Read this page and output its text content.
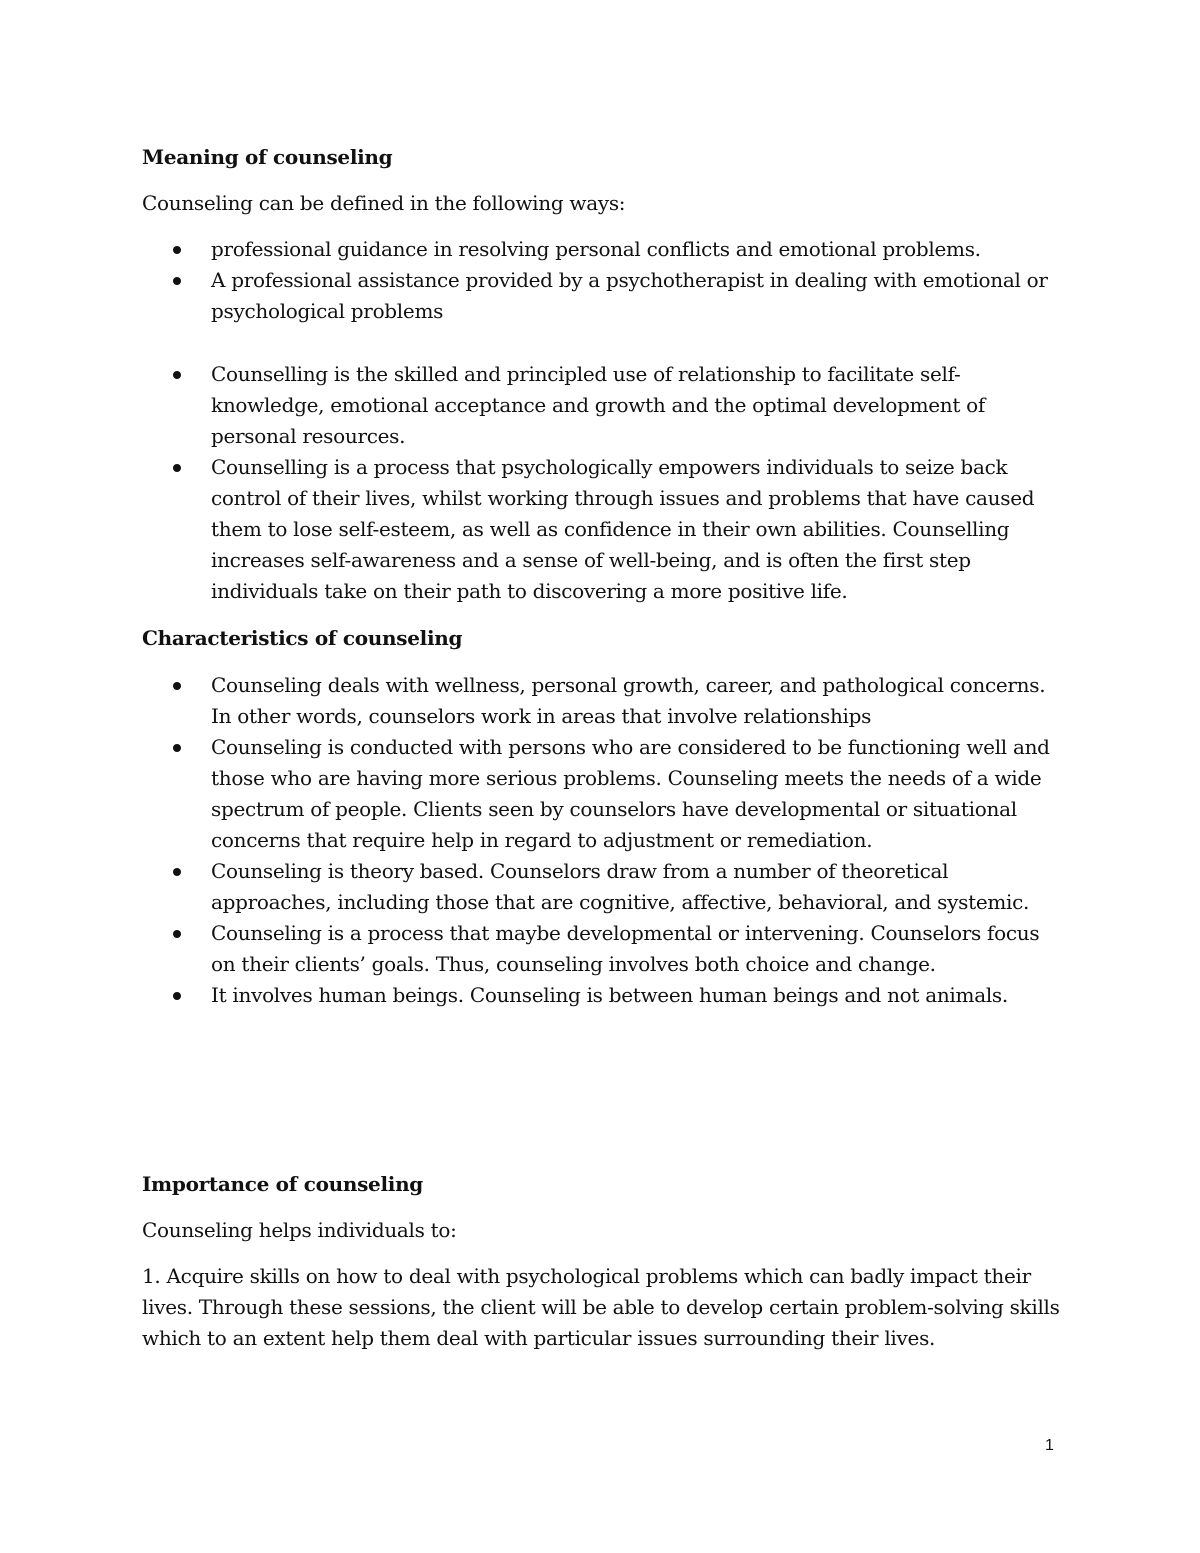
Meaning of counseling

Counseling can be defined in the following ways:

professional guidance in resolving personal conflicts and emotional problems.
A professional assistance provided by a psychotherapist in dealing with emotional or psychological problems
Counselling is the skilled and principled use of relationship to facilitate self- knowledge, emotional acceptance and growth and the optimal development of personal resources.
Counselling is a process that psychologically empowers individuals to seize back control of their lives, whilst working through issues and problems that have caused them to lose self-esteem, as well as confidence in their own abilities. Counselling increases self-awareness and a sense of well-being, and is often the first step individuals take on their path to discovering a more positive life.
Characteristics of counseling
Counseling deals with wellness, personal growth, career, and pathological concerns. In other words, counselors work in areas that involve relationships
Counseling is conducted with persons who are considered to be functioning well and those who are having more serious problems. Counseling meets the needs of a wide spectrum of people. Clients seen by counselors have developmental or situational concerns that require help in regard to adjustment or remediation.
Counseling is theory based. Counselors draw from a number of theoretical approaches, including those that are cognitive, affective, behavioral, and systemic.
Counseling is a process that maybe developmental or intervening. Counselors focus on their clients’ goals. Thus, counseling involves both choice and change.
It involves human beings. Counseling is between human beings and not animals.
Importance of counseling

Counseling helps individuals to:

1. Acquire skills on how to deal with psychological problems which can badly impact their lives. Through these sessions, the client will be able to develop certain problem-solving skills which to an extent help them deal with particular issues surrounding their lives.

1
